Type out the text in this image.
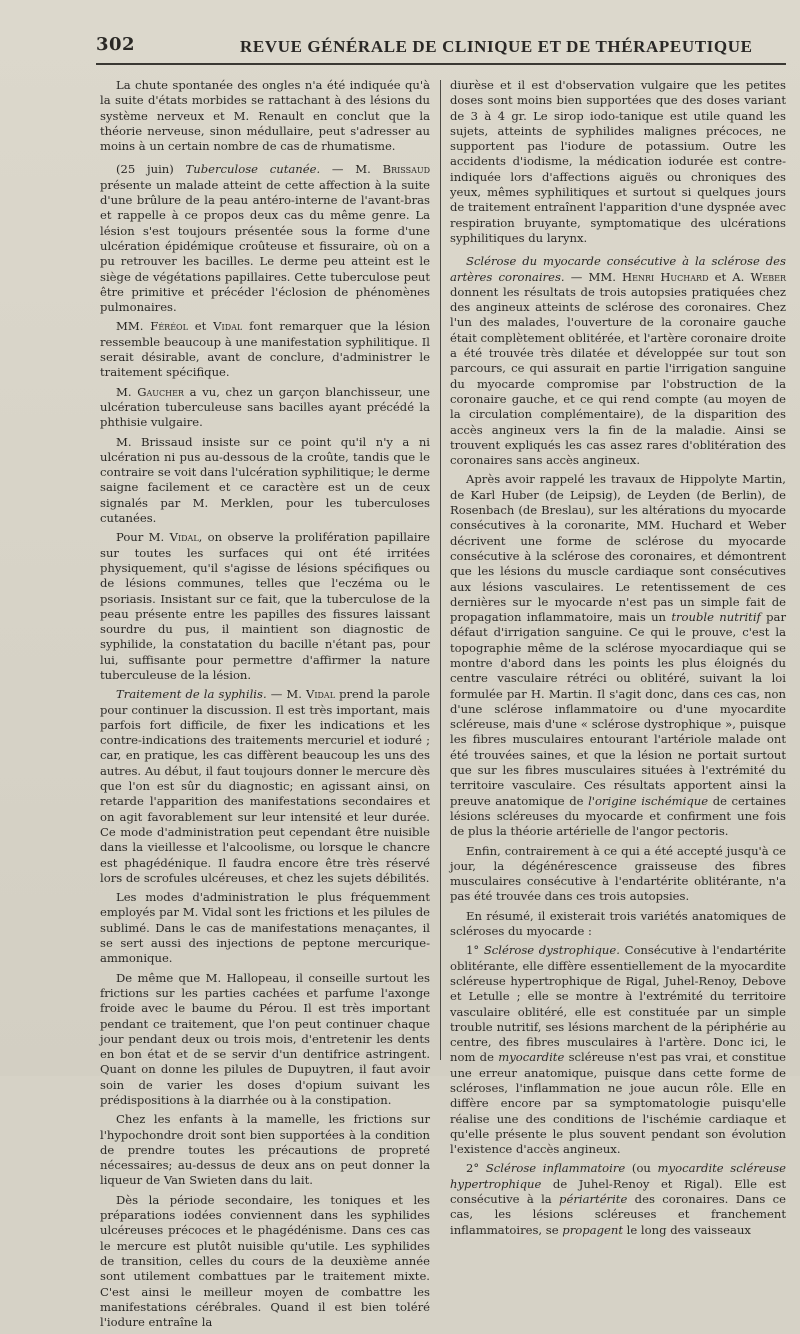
302	REVUE GÉNÉRALE DE CLINIQUE ET DE THÉRAPEUTIQUE

La chute spontanée des ongles n'a été indiquée qu'à la suite d'états morbides se rattachant à des lésions du système nerveux et M. Renault en conclut que la théorie nerveuse, sinon médullaire, peut s'adresser au moins à un certain nombre de cas de rhumatisme.

(25 juin) Tuberculose cutanée. — M. Brissaud présente un malade atteint de cette affection à la suite d'une brûlure de la peau antéro-interne de l'avant-bras et rappelle à ce propos deux cas du même genre. La lésion s'est toujours présentée sous la forme d'une ulcération épidémique croûteuse et fissuraire, où on a pu retrouver les bacilles. Le derme peu atteint est le siège de végétations papillaires. Cette tuberculose peut être primitive et précéder l'éclosion de phénomènes pulmonaires.

MM. Féréol et Vidal font remarquer que la lésion ressemble beaucoup à une manifestation syphilitique. Il serait désirable, avant de conclure, d'administrer le traitement spécifique.

M. Gaucher a vu, chez un garçon blanchisseur, une ulcération tuberculeuse sans bacilles ayant précédé la phthisie vulgaire.

M. Brissaud insiste sur ce point qu'il n'y a ni ulcération ni pus au-dessous de la croûte, tandis que le contraire se voit dans l'ulcération syphilitique; le derme saigne facilement et ce caractère est un de ceux signalés par M. Merklen, pour les tuberculoses cutanées.

Pour M. Vidal, on observe la prolifération papillaire sur toutes les surfaces qui ont été irritées physiquement, qu'il s'agisse de lésions spécifiques ou de lésions communes, telles que l'eczéma ou le psoriasis. Insistant sur ce fait, que la tuberculose de la peau présente entre les papilles des fissures laissant sourdre du pus, il maintient son diagnostic de syphilide, la constatation du bacille n'étant pas, pour lui, suffisante pour permettre d'affirmer la nature tuberculeuse de la lésion.

Traitement de la syphilis. — M. Vidal prend la parole pour continuer la discussion. Il est très important, mais parfois fort difficile, de fixer les indications et les contre-indications des traitements mercuriel et ioduré ; car, en pratique, les cas diffèrent beaucoup les uns des autres. Au début, il faut toujours donner le mercure dès que l'on est sûr du diagnostic; en agissant ainsi, on retarde l'apparition des manifestations secondaires et on agit favorablement sur leur intensité et leur durée. Ce mode d'administration peut cependant être nuisible dans la vieillesse et l'alcoolisme, ou lorsque le chancre est phagédénique. Il faudra encore être très réservé lors de scrofules ulcéreuses, et chez les sujets débilités.

Les modes d'administration le plus fréquemment employés par M. Vidal sont les frictions et les pilules de sublimé. Dans le cas de manifestations menaçantes, il se sert aussi des injections de peptone mercurique-ammonique.

De même que M. Hallopeau, il conseille surtout les frictions sur les parties cachées et parfume l'axonge froide avec le baume du Pérou. Il est très important pendant ce traitement, que l'on peut continuer chaque jour pendant deux ou trois mois, d'entretenir les dents en bon état et de se servir d'un dentifrice astringent. Quant on donne les pilules de Dupuytren, il faut avoir soin de varier les doses d'opium suivant les prédispositions à la diarrhée ou à la constipation.

Chez les enfants à la mamelle, les frictions sur l'hypochondre droit sont bien supportées à la condition de prendre toutes les précautions de propreté nécessaires; au-dessus de deux ans on peut donner la liqueur de Van Swieten dans du lait.

Dès la période secondaire, les toniques et les préparations iodées conviennent dans les syphilides ulcéreuses précoces et le phagédénisme. Dans ces cas le mercure est plutôt nuisible qu'utile. Les syphilides de transition, celles du cours de la deuxième année sont utilement combattues par le traitement mixte. C'est ainsi le meilleur moyen de combattre les manifestations cérébrales. Quand il est bien toléré l'iodure entraîne la

diurèse et il est d'observation vulgaire que les petites doses sont moins bien supportées que des doses variant de 3 à 4 gr. Le sirop iodo-tanique est utile quand les sujets, atteints de syphilides malignes précoces, ne supportent pas l'iodure de potassium. Outre les accidents d'iodisme, la médication iodurée est contre-indiquée lors d'affections aiguës ou chroniques des yeux, mêmes syphilitiques et surtout si quelques jours de traitement entraînent l'apparition d'une dyspnée avec respiration bruyante, symptomatique des ulcérations syphilitiques du larynx.

Sclérose du myocarde consécutive à la sclérose des artères coronaires. — MM. Henri Huchard et A. Weber donnent les résultats de trois autopsies pratiquées chez des angineux atteints de sclérose des coronaires. Chez l'un des malades, l'ouverture de la coronaire gauche était complètement oblitérée, et l'artère coronaire droite a été trouvée très dilatée et développée sur tout son parcours, ce qui assurait en partie l'irrigation sanguine du myocarde compromise par l'obstruction de la coronaire gauche, et ce qui rend compte (au moyen de la circulation complémentaire), de la disparition des accès angineux vers la fin de la maladie. Ainsi se trouvent expliqués les cas assez rares d'oblitération des coronaires sans accès angineux.

Après avoir rappelé les travaux de Hippolyte Martin, de Karl Huber (de Leipsig), de Leyden (de Berlin), de Rosenbach (de Breslau), sur les altérations du myocarde consécutives à la coronarite, MM. Huchard et Weber décrivent une forme de sclérose du myocarde consécutive à la sclérose des coronaires, et démontrent que les lésions du muscle cardiaque sont consécutives aux lésions vasculaires. Le retentissement de ces dernières sur le myocarde n'est pas un simple fait de propagation inflammatoire, mais un trouble nutritif par défaut d'irrigation sanguine. Ce qui le prouve, c'est la topographie même de la sclérose myocardiaque qui se montre d'abord dans les points les plus éloignés du centre vasculaire rétréci ou oblitéré, suivant la loi formulée par H. Martin. Il s'agit donc, dans ces cas, non d'une sclérose inflammatoire ou d'une myocardite scléreuse, mais d'une « sclérose dystrophique », puisque les fibres musculaires entourant l'artériole malade ont été trouvées saines, et que la lésion ne portait surtout que sur les fibres musculaires situées à l'extrémité du territoire vasculaire. Ces résultats apportent ainsi la preuve anatomique de l'origine ischémique de certaines lésions scléreuses du myocarde et confirment une fois de plus la théorie artérielle de l'angor pectoris.

Enfin, contrairement à ce qui a été accepté jusqu'à ce jour, la dégénérescence graisseuse des fibres musculaires consécutive à l'endartérite oblitérante, n'a pas été trouvée dans ces trois autopsies.

En résumé, il existerait trois variétés anatomiques de scléroses du myocarde :

1° Sclérose dystrophique. Consécutive à l'endartérite oblitérante, elle diffère essentiellement de la myocardite scléreuse hypertrophique de Rigal, Juhel-Renoy, Debove et Letulle ; elle se montre à l'extrémité du territoire vasculaire oblitéré, elle est constituée par un simple trouble nutritif, ses lésions marchent de la périphérie au centre, des fibres musculaires à l'artère. Donc ici, le nom de myocardite scléreuse n'est pas vrai, et constitue une erreur anatomique, puisque dans cette forme de scléroses, l'inflammation ne joue aucun rôle. Elle en diffère encore par sa symptomatologie puisqu'elle réalise une des conditions de l'ischémie cardiaque et qu'elle présente le plus souvent pendant son évolution l'existence d'accès angineux.

2° Sclérose inflammatoire (ou myocardite scléreuse hypertrophique de Juhel-Renoy et Rigal). Elle est consécutive à la périartérite des coronaires. Dans ce cas, les lésions scléreuses et franchement inflammatoires, se propagent le long des vaisseaux
